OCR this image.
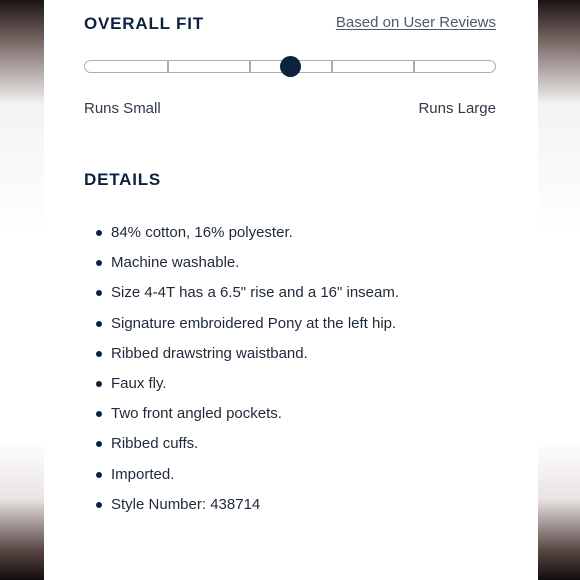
OVERALL FIT	Based on User Reviews
Runs Small	Runs Large
DETAILS
84% cotton, 16% polyester.
Machine washable.
Size 4-4T has a 6.5" rise and a 16" inseam.
Signature embroidered Pony at the left hip.
Ribbed drawstring waistband.
Faux fly.
Two front angled pockets.
Ribbed cuffs.
Imported.
Style Number: 438714
